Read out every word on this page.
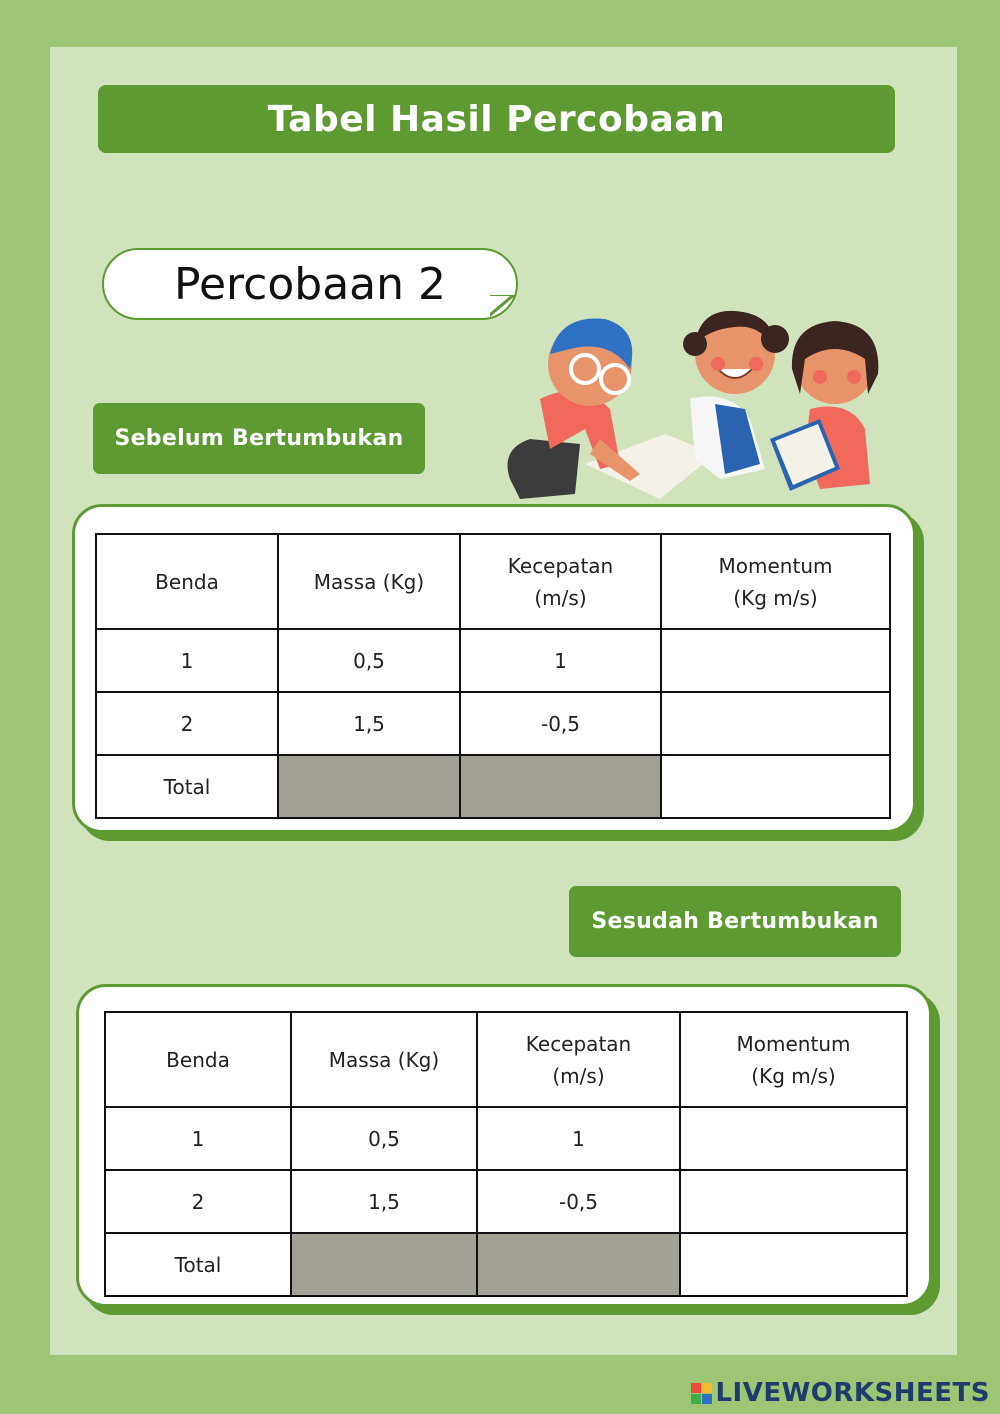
Tabel Hasil Percobaan
Percobaan 2
Sebelum Bertumbukan
Benda	Massa (Kg)	Kecepatan (m/s)	Momentum (Kg m/s)
1	0,5	1	
2	1,5	-0,5	
Total			
Sesudah Bertumbukan
Benda	Massa (Kg)	Kecepatan (m/s)	Momentum (Kg m/s)
1	0,5	1	
2	1,5	-0,5	
Total			
LIVEWORKSHEETS
